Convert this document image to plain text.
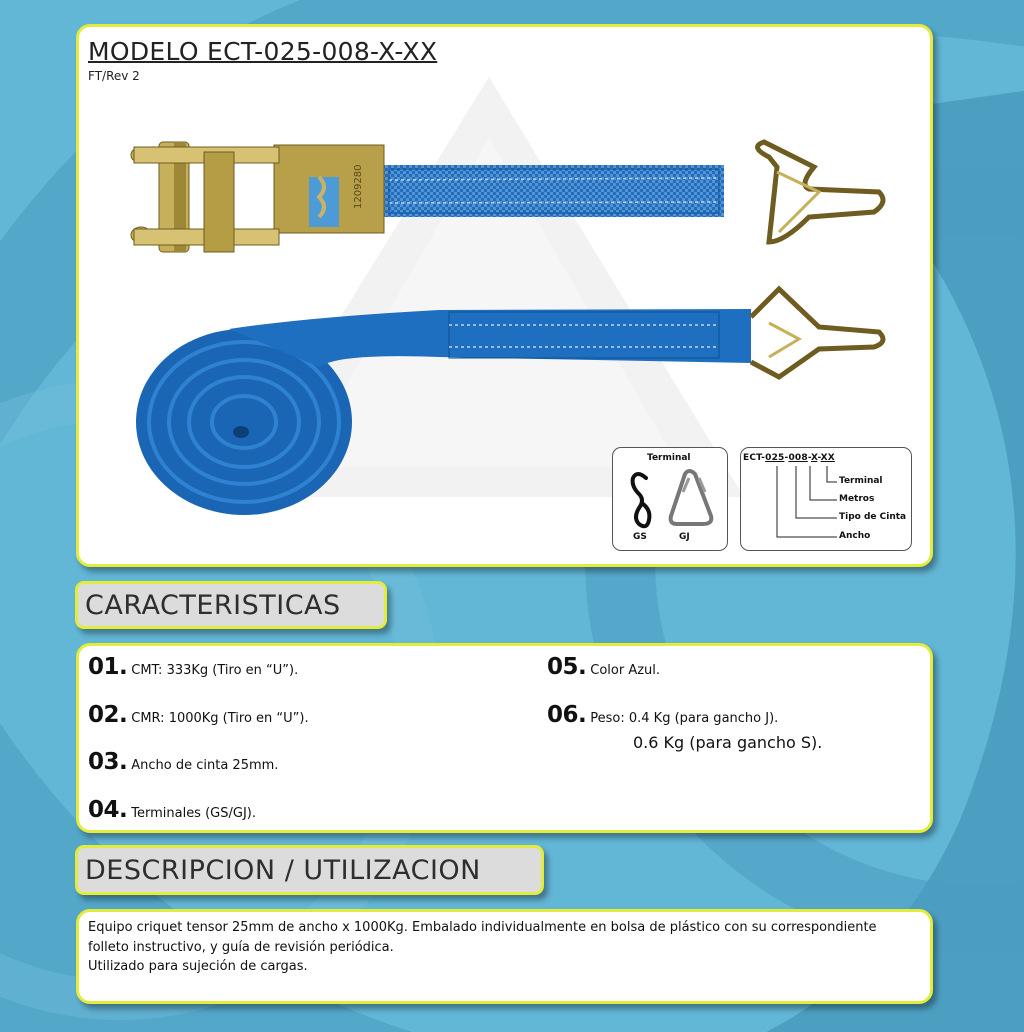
1209280
MODELO ECT-025-008-X-XX
FT/Rev 2
Terminal
GS	GJ
ECT-025-008-X-XX
Terminal
Metros
Tipo de Cinta
Ancho
CARACTERISTICAS
01. CMT: 333Kg (Tiro en “U”).
02. CMR: 1000Kg (Tiro en “U”).
03. Ancho de cinta 25mm.
04. Terminales (GS/GJ).
05. Color Azul.
06. Peso: 0.4 Kg (para gancho J).
0.6 Kg (para gancho S).
DESCRIPCION / UTILIZACION
Equipo criquet tensor 25mm de ancho x 1000Kg. Embalado individualmente en bolsa de plástico con su correspondiente
folleto instructivo, y guía de revisión periódica.
Utilizado para sujeción de cargas.
